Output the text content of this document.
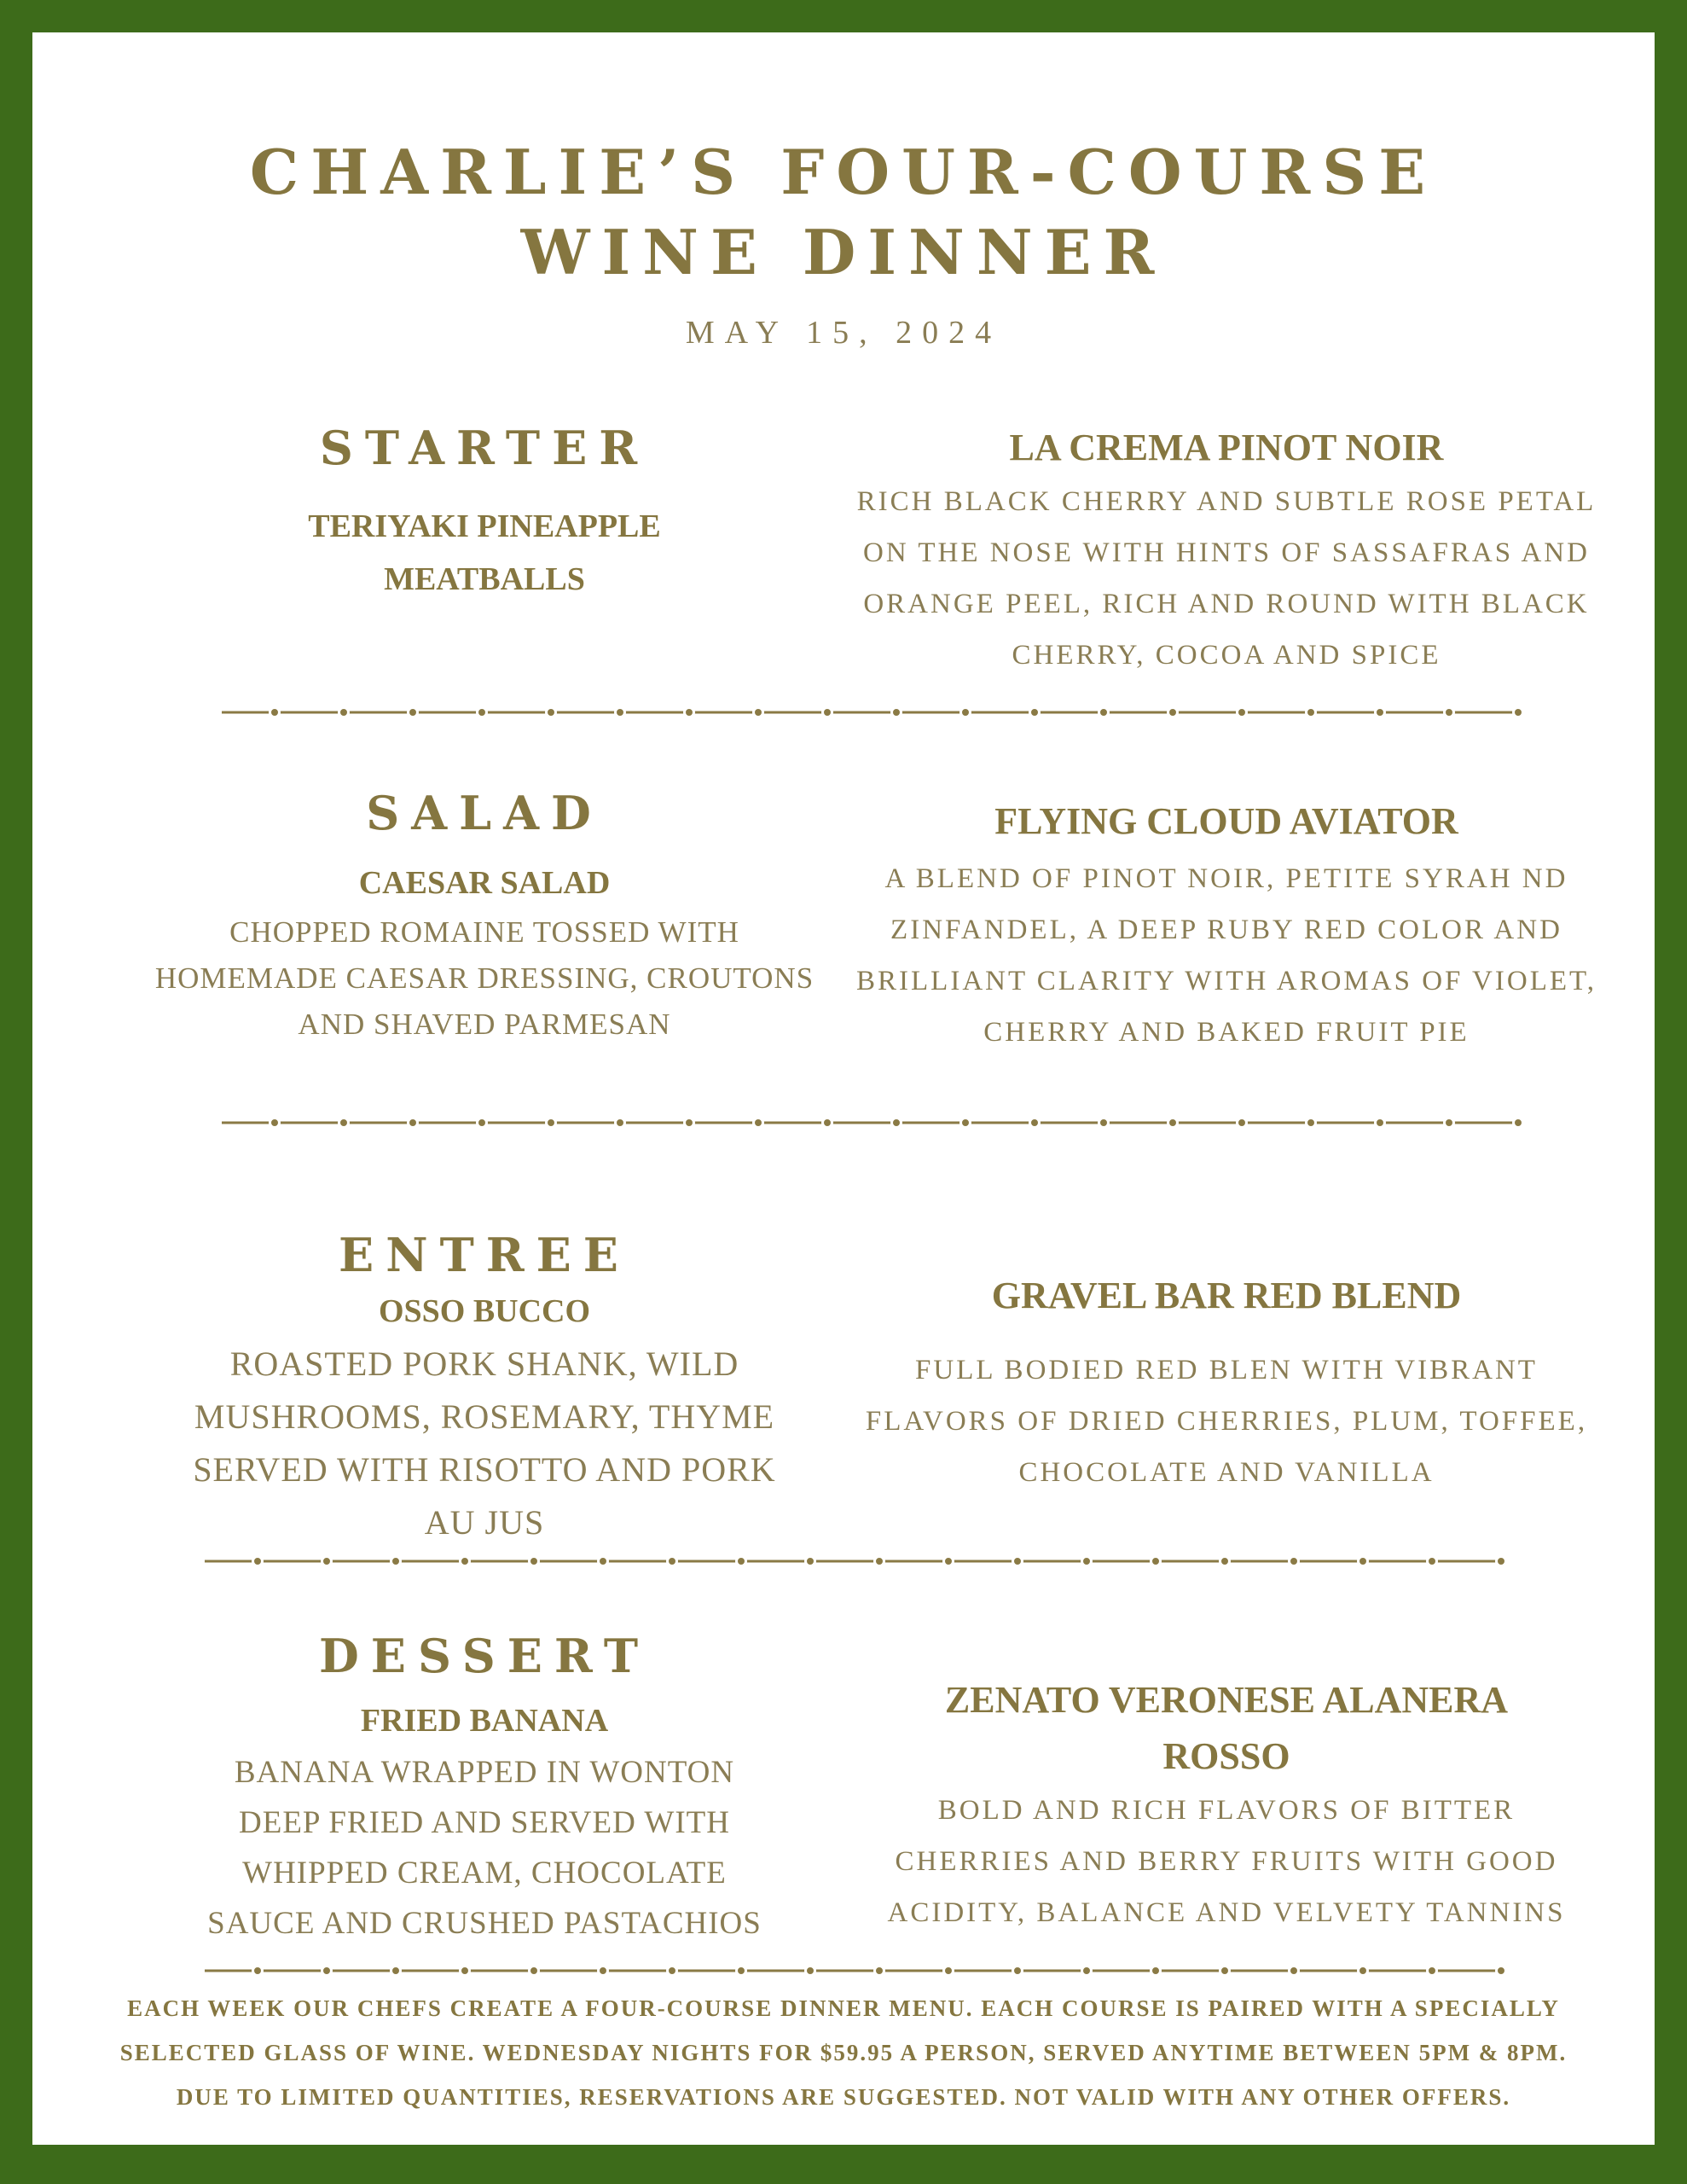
CHARLIE’S FOUR-COURSE
WINE DINNER
MAY 15, 2024
STARTER
TERIYAKI PINEAPPLE
MEATBALLS
LA CREMA PINOT NOIR
RICH BLACK CHERRY AND SUBTLE ROSE PETAL
ON THE NOSE WITH HINTS OF SASSAFRAS AND
ORANGE PEEL, RICH AND ROUND WITH BLACK
CHERRY, COCOA AND SPICE
SALAD
CAESAR SALAD
CHOPPED ROMAINE TOSSED WITH
HOMEMADE CAESAR DRESSING, CROUTONS
AND SHAVED PARMESAN
FLYING CLOUD AVIATOR
A BLEND OF PINOT NOIR, PETITE SYRAH ND
ZINFANDEL, A DEEP RUBY RED COLOR AND
BRILLIANT CLARITY WITH AROMAS OF VIOLET,
CHERRY AND BAKED FRUIT PIE
ENTREE
OSSO BUCCO
ROASTED PORK SHANK, WILD
MUSHROOMS, ROSEMARY, THYME
SERVED WITH RISOTTO AND PORK
AU JUS
GRAVEL BAR RED BLEND
FULL BODIED RED BLEN WITH VIBRANT
FLAVORS OF DRIED CHERRIES, PLUM, TOFFEE,
CHOCOLATE AND VANILLA
DESSERT
FRIED BANANA
BANANA WRAPPED IN WONTON
DEEP FRIED AND SERVED WITH
WHIPPED CREAM, CHOCOLATE
SAUCE AND CRUSHED PASTACHIOS
ZENATO VERONESE ALANERA
ROSSO
BOLD AND RICH FLAVORS OF BITTER
CHERRIES AND BERRY FRUITS WITH GOOD
ACIDITY, BALANCE AND VELVETY TANNINS
EACH WEEK OUR CHEFS CREATE A FOUR-COURSE DINNER MENU. EACH COURSE IS PAIRED WITH A SPECIALLY
SELECTED GLASS OF WINE. WEDNESDAY NIGHTS FOR $59.95 A PERSON, SERVED ANYTIME BETWEEN 5PM & 8PM.
DUE TO LIMITED QUANTITIES, RESERVATIONS ARE SUGGESTED. NOT VALID WITH ANY OTHER OFFERS.
